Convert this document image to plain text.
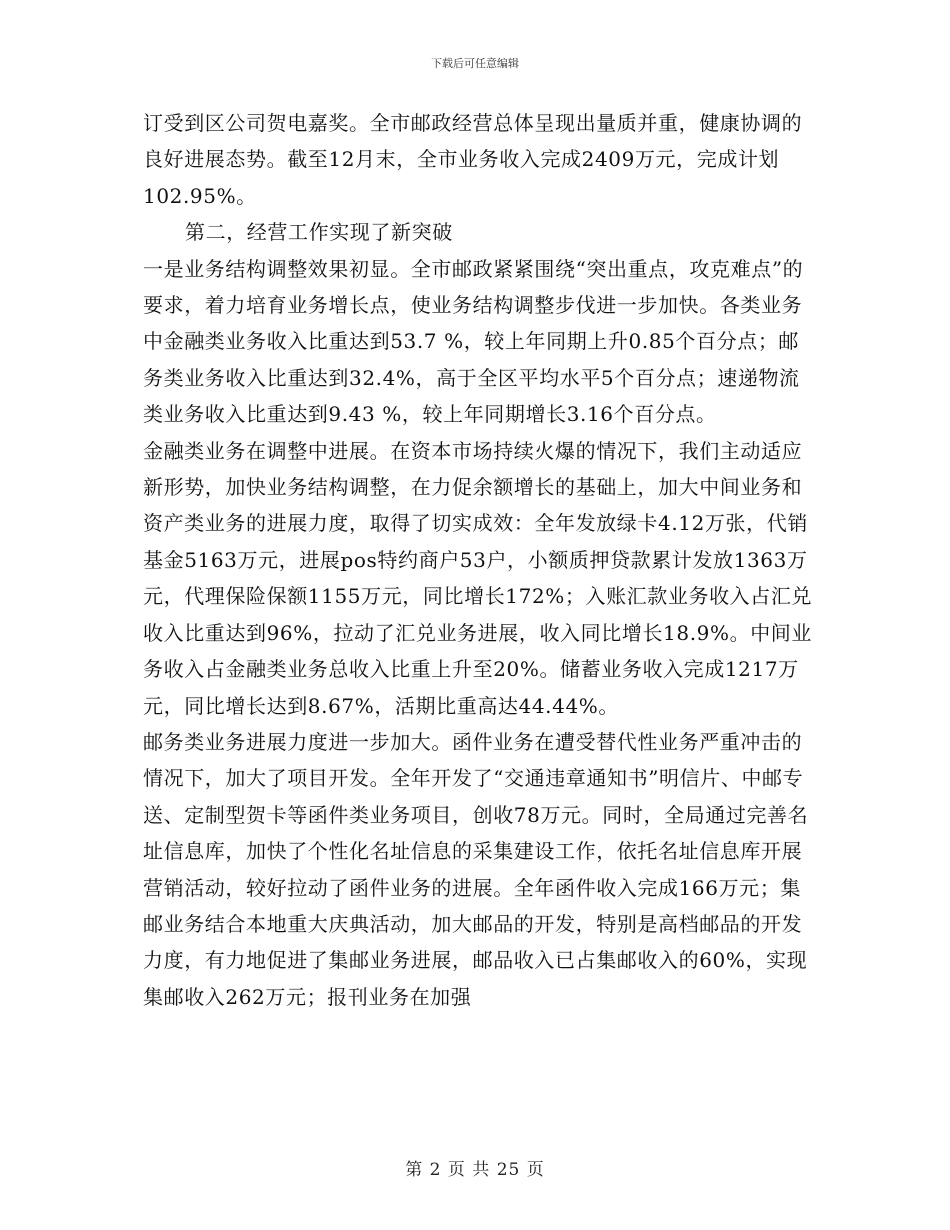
下载后可任意编辑

订受到区公司贺电嘉奖。全市邮政经营总体呈现出量质并重，健康协调的良好进展态势。截至12月末，全市业务收入完成2409万元，完成计划102.95%。

第二，经营工作实现了新突破

一是业务结构调整效果初显。全市邮政紧紧围绕“突出重点，攻克难点”的要求，着力培育业务增长点，使业务结构调整步伐进一步加快。各类业务中金融类业务收入比重达到53.7 %，较上年同期上升0.85个百分点；邮务类业务收入比重达到32.4%，高于全区平均水平5个百分点；速递物流类业务收入比重达到9.43 %，较上年同期增长3.16个百分点。

金融类业务在调整中进展。在资本市场持续火爆的情况下，我们主动适应新形势，加快业务结构调整，在力促余额增长的基础上，加大中间业务和资产类业务的进展力度，取得了切实成效：全年发放绿卡4.12万张，代销基金5163万元，进展pos特约商户53户，小额质押贷款累计发放1363万元，代理保险保额1155万元，同比增长172%；入账汇款业务收入占汇兑收入比重达到96%，拉动了汇兑业务进展，收入同比增长18.9%。中间业务收入占金融类业务总收入比重上升至20%。储蓄业务收入完成1217万元，同比增长达到8.67%，活期比重高达44.44%。

邮务类业务进展力度进一步加大。函件业务在遭受替代性业务严重冲击的情况下，加大了项目开发。全年开发了“交通违章通知书”明信片、中邮专送、定制型贺卡等函件类业务项目，创收78万元。同时，全局通过完善名址信息库，加快了个性化名址信息的采集建设工作，依托名址信息库开展营销活动，较好拉动了函件业务的进展。全年函件收入完成166万元；集邮业务结合本地重大庆典活动，加大邮品的开发，特别是高档邮品的开发力度，有力地促进了集邮业务进展，邮品收入已占集邮收入的60%，实现集邮收入262万元；报刊业务在加强

第 2 页 共 25 页
